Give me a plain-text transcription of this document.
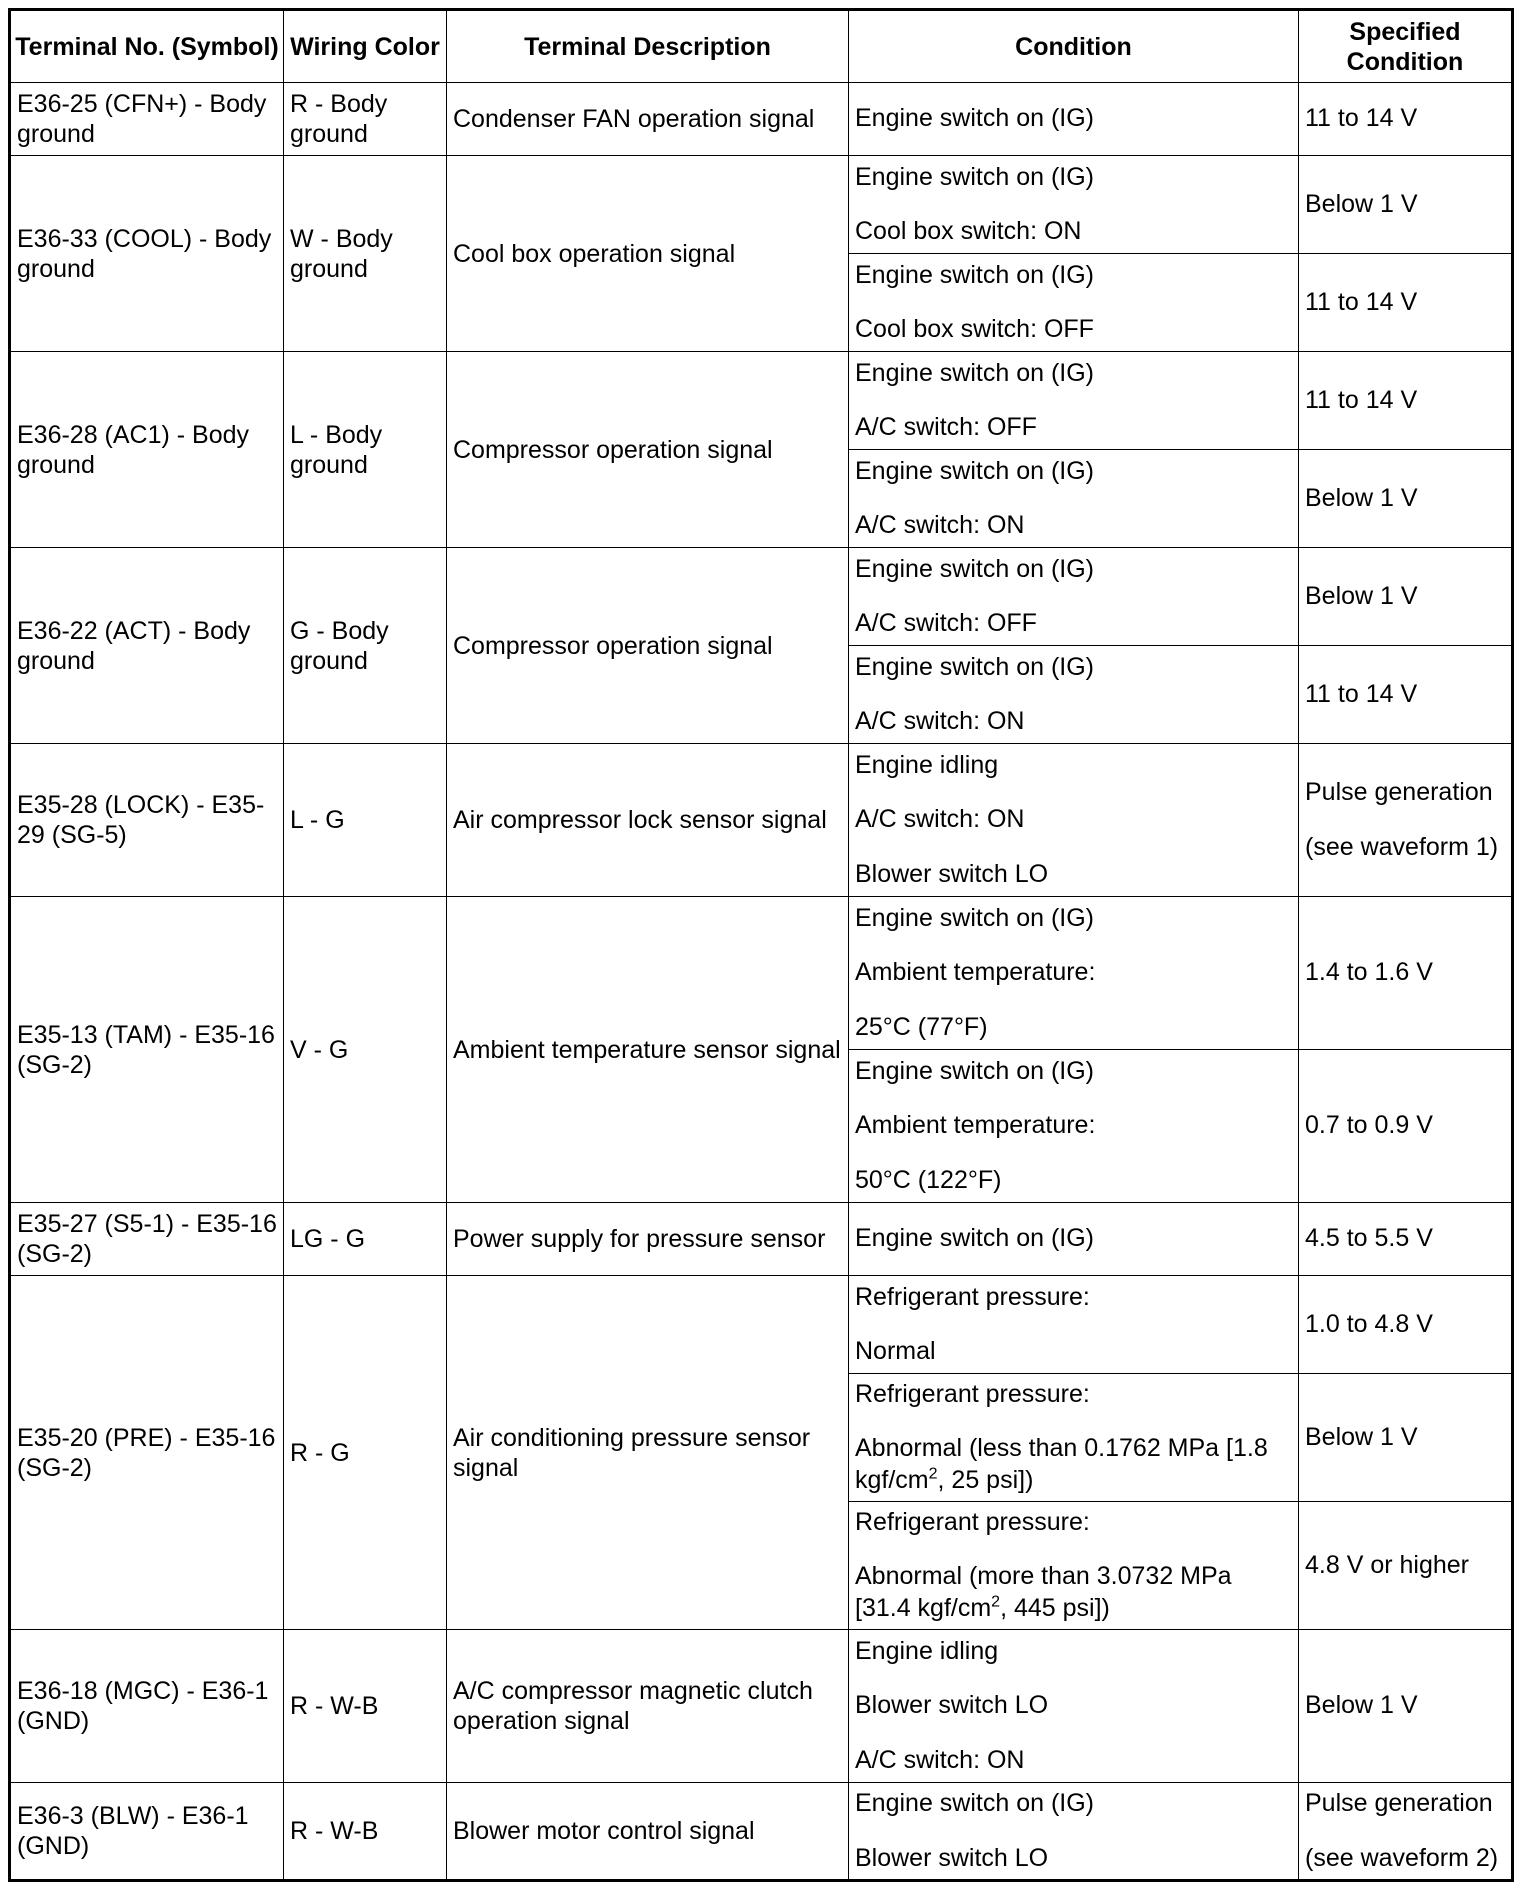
Terminal No. (Symbol)	Wiring Color	Terminal Description	Condition	Specified Condition
E36-25 (CFN+) - Body ground	R - Body ground	Condenser FAN operation signal	Engine switch on (IG)	11 to 14 V

E36-33 (COOL) - Body ground	W - Body ground	Cool box operation signal	Engine switch on (IG)
Cool box switch: ON	Below 1 V

			Engine switch on (IG)
Cool box switch: OFF	11 to 14 V

E36-28 (AC1) - Body ground	L - Body ground	Compressor operation signal	Engine switch on (IG)
A/C switch: OFF	11 to 14 V

			Engine switch on (IG)
A/C switch: ON	Below 1 V

E36-22 (ACT) - Body ground	G - Body ground	Compressor operation signal	Engine switch on (IG)
A/C switch: OFF	Below 1 V

			Engine switch on (IG)
A/C switch: ON	11 to 14 V

E35-28 (LOCK) - E35-29 (SG-5)	L - G	Air compressor lock sensor signal	Engine idling
A/C switch: ON
Blower switch LO	Pulse generation
(see waveform 1)

E35-13 (TAM) - E35-16 (SG-2)	V - G	Ambient temperature sensor signal	Engine switch on (IG)
Ambient temperature:
25°C (77°F)	1.4 to 1.6 V

			Engine switch on (IG)
Ambient temperature:
50°C (122°F)	0.7 to 0.9 V

E35-27 (S5-1) - E35-16 (SG-2)	LG - G	Power supply for pressure sensor	Engine switch on (IG)	4.5 to 5.5 V

E35-20 (PRE) - E35-16 (SG-2)	R - G	Air conditioning pressure sensor signal	Refrigerant pressure:
Normal	1.0 to 4.8 V

			Refrigerant pressure:
Abnormal (less than 0.1762 MPa [1.8 kgf/$cm^2$, 25 psi])	Below 1 V

			Refrigerant pressure:
Abnormal (more than 3.0732 MPa [31.4 kgf/$cm^2$, 445 psi])	4.8 V or higher

E36-18 (MGC) - E36-1 (GND)	R - W-B	A/C compressor magnetic clutch operation signal	Engine idling
Blower switch LO
A/C switch: ON	Below 1 V

E36-3 (BLW) - E36-1 (GND)	R - W-B	Blower motor control signal	Engine switch on (IG)
Blower switch LO	Pulse generation
(see waveform 2)
